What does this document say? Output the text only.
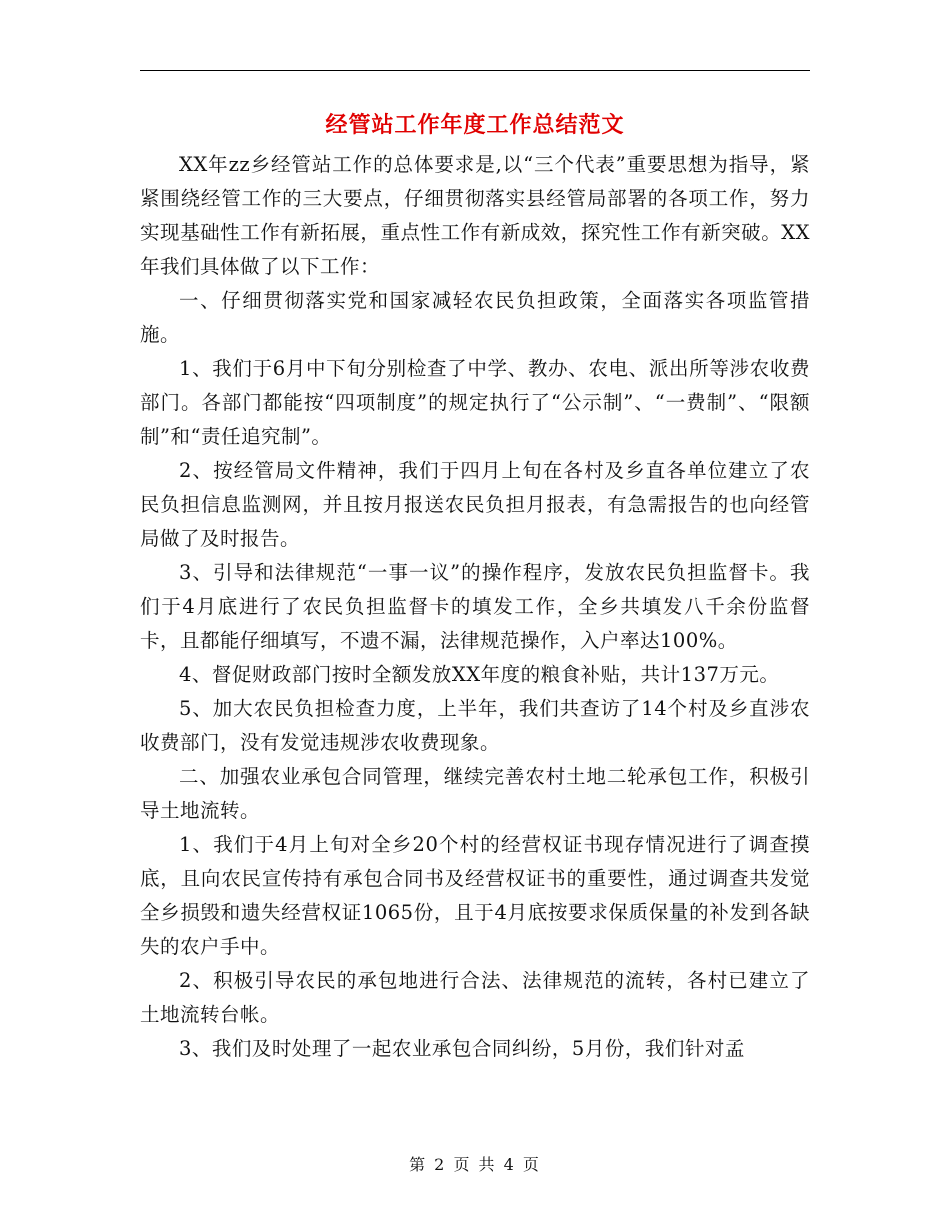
经管站工作年度工作总结范文

XX年zz乡经管站工作的总体要求是,以“三个代表”重要思想为指导，紧紧围绕经管工作的三大要点，仔细贯彻落实县经管局部署的各项工作，努力实现基础性工作有新拓展，重点性工作有新成效，探究性工作有新突破。XX年我们具体做了以下工作：

一、仔细贯彻落实党和国家减轻农民负担政策，全面落实各项监管措施。

1、我们于6月中下旬分别检查了中学、教办、农电、派出所等涉农收费部门。各部门都能按“四项制度”的规定执行了“公示制”、“一费制”、“限额制”和“责任追究制”。

2、按经管局文件精神，我们于四月上旬在各村及乡直各单位建立了农民负担信息监测网，并且按月报送农民负担月报表，有急需报告的也向经管局做了及时报告。

3、引导和法律规范“一事一议”的操作程序，发放农民负担监督卡。我们于4月底进行了农民负担监督卡的填发工作，全乡共填发八千余份监督卡，且都能仔细填写，不遗不漏，法律规范操作，入户率达100%。

4、督促财政部门按时全额发放XX年度的粮食补贴，共计137万元。

5、加大农民负担检查力度，上半年，我们共查访了14个村及乡直涉农收费部门，没有发觉违规涉农收费现象。

二、加强农业承包合同管理，继续完善农村土地二轮承包工作，积极引导土地流转。

1、我们于4月上旬对全乡20个村的经营权证书现存情况进行了调查摸底，且向农民宣传持有承包合同书及经营权证书的重要性，通过调查共发觉全乡损毁和遗失经营权证1065份，且于4月底按要求保质保量的补发到各缺失的农户手中。

2、积极引导农民的承包地进行合法、法律规范的流转，各村已建立了土地流转台帐。

3、我们及时处理了一起农业承包合同纠纷，5月份，我们针对孟

第 2 页 共 4 页
